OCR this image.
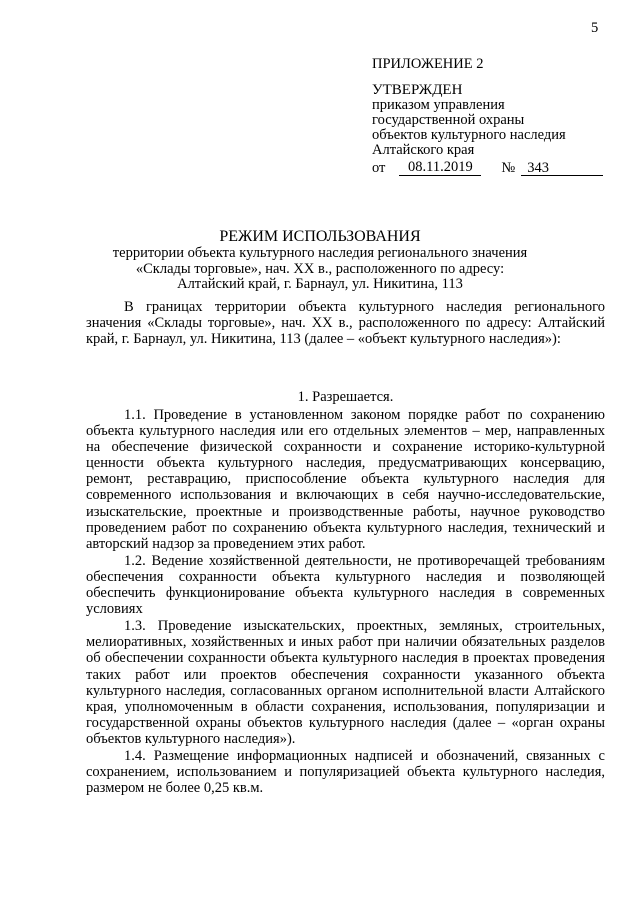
5
ПРИЛОЖЕНИЕ 2
УТВЕРЖДЕН
приказом управления
государственной охраны
объектов культурного наследия
Алтайского края
от	08.11.2019	№ 343
РЕЖИМ ИСПОЛЬЗОВАНИЯ
территории объекта культурного наследия регионального значения
«Склады торговые», нач. XX в., расположенного по адресу:
Алтайский край, г. Барнаул, ул. Никитина, 113

В границах территории объекта культурного наследия регионального значения «Склады торговые», нач. XX в., расположенного по адресу: Алтайский край, г. Барнаул, ул. Никитина, 113 (далее – «объект культурного наследия»):

1. Разрешается.

1.1. Проведение в установленном законом порядке работ по сохранению объекта культурного наследия или его отдельных элементов – мер, направленных на обеспечение физической сохранности и сохранение историко-культурной ценности объекта культурного наследия, предусматривающих консервацию, ремонт, реставрацию, приспособление объекта культурного наследия для современного использования и включающих в себя научно-исследовательские, изыскательские, проектные и производственные работы, научное руководство проведением работ по сохранению объекта культурного наследия, технический и авторский надзор за проведением этих работ.

1.2. Ведение хозяйственной деятельности, не противоречащей требованиям обеспечения сохранности объекта культурного наследия и позволяющей обеспечить функционирование объекта культурного наследия в современных условиях

1.3. Проведение изыскательских, проектных, земляных, строительных, мелиоративных, хозяйственных и иных работ при наличии обязательных разделов об обеспечении сохранности объекта культурного наследия в проектах проведения таких работ или проектов обеспечения сохранности указанного объекта культурного наследия, согласованных органом исполнительной власти Алтайского края, уполномоченным в области сохранения, использования, популяризации и государственной охраны объектов культурного наследия (далее – «орган охраны объектов культурного наследия»).

1.4. Размещение информационных надписей и обозначений, связанных с сохранением, использованием и популяризацией объекта культурного наследия, размером не более 0,25 кв.м.
